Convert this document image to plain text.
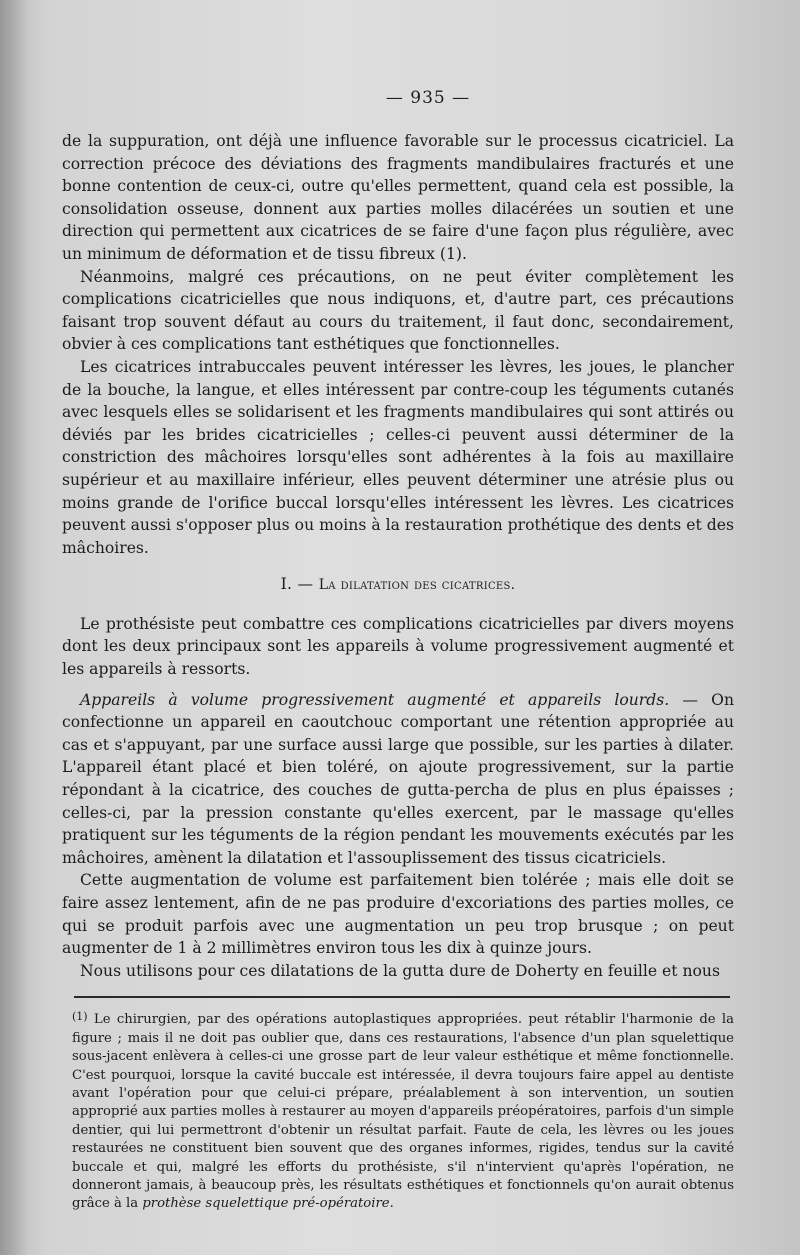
— 935 —

de la suppuration, ont déjà une influence favorable sur le processus cicatriciel. La correction précoce des déviations des fragments mandibulaires fracturés et une bonne contention de ceux-ci, outre qu'elles permettent, quand cela est possible, la consolidation osseuse, donnent aux parties molles dilacérées un soutien et une direction qui permettent aux cicatrices de se faire d'une façon plus régulière, avec un minimum de déformation et de tissu fibreux (1).

Néanmoins, malgré ces précautions, on ne peut éviter complètement les complications cicatricielles que nous indiquons, et, d'autre part, ces précautions faisant trop souvent défaut au cours du traitement, il faut donc, secondairement, obvier à ces complications tant esthétiques que fonctionnelles.

Les cicatrices intrabuccales peuvent intéresser les lèvres, les joues, le plancher de la bouche, la langue, et elles intéressent par contre-coup les téguments cutanés avec lesquels elles se solidarisent et les fragments mandibulaires qui sont attirés ou déviés par les brides cicatricielles ; celles-ci peuvent aussi déterminer de la constriction des mâchoires lorsqu'elles sont adhérentes à la fois au maxillaire supérieur et au maxillaire inférieur, elles peuvent déterminer une atrésie plus ou moins grande de l'orifice buccal lorsqu'elles intéressent les lèvres. Les cicatrices peuvent aussi s'opposer plus ou moins à la restauration prothétique des dents et des mâchoires.

I. — La dilatation des cicatrices.

Le prothésiste peut combattre ces complications cicatricielles par divers moyens dont les deux principaux sont les appareils à volume progressivement augmenté et les appareils à ressorts.

Appareils à volume progressivement augmenté et appareils lourds. — On confectionne un appareil en caoutchouc comportant une rétention appropriée au cas et s'appuyant, par une surface aussi large que possible, sur les parties à dilater. L'appareil étant placé et bien toléré, on ajoute progressivement, sur la partie répondant à la cicatrice, des couches de gutta-percha de plus en plus épaisses ; celles-ci, par la pression constante qu'elles exercent, par le massage qu'elles pratiquent sur les téguments de la région pendant les mouvements exécutés par les mâchoires, amènent la dilatation et l'assouplissement des tissus cicatriciels.

Cette augmentation de volume est parfaitement bien tolérée ; mais elle doit se faire assez lentement, afin de ne pas produire d'excoriations des parties molles, ce qui se produit parfois avec une augmentation un peu trop brusque ; on peut augmenter de 1 à 2 millimètres environ tous les dix à quinze jours.

Nous utilisons pour ces dilatations de la gutta dure de Doherty en feuille et nous

$^{(1)}$ Le chirurgien, par des opérations autoplastiques appropriées. peut rétablir l'harmonie de la figure ; mais il ne doit pas oublier que, dans ces restaurations, l'absence d'un plan squelettique sous-jacent enlèvera à celles-ci une grosse part de leur valeur esthétique et même fonctionnelle. C'est pourquoi, lorsque la cavité buccale est intéressée, il devra toujours faire appel au dentiste avant l'opération pour que celui-ci prépare, préalablement à son intervention, un soutien approprié aux parties molles à restaurer au moyen d'appareils préopératoires, parfois d'un simple dentier, qui lui permettront d'obtenir un résultat parfait. Faute de cela, les lèvres ou les joues restaurées ne constituent bien souvent que des organes informes, rigides, tendus sur la cavité buccale et qui, malgré les efforts du prothésiste, s'il n'intervient qu'après l'opération, ne donneront jamais, à beaucoup près, les résultats esthétiques et fonctionnels qu'on aurait obtenus grâce à la prothèse squelettique pré-opératoire.
